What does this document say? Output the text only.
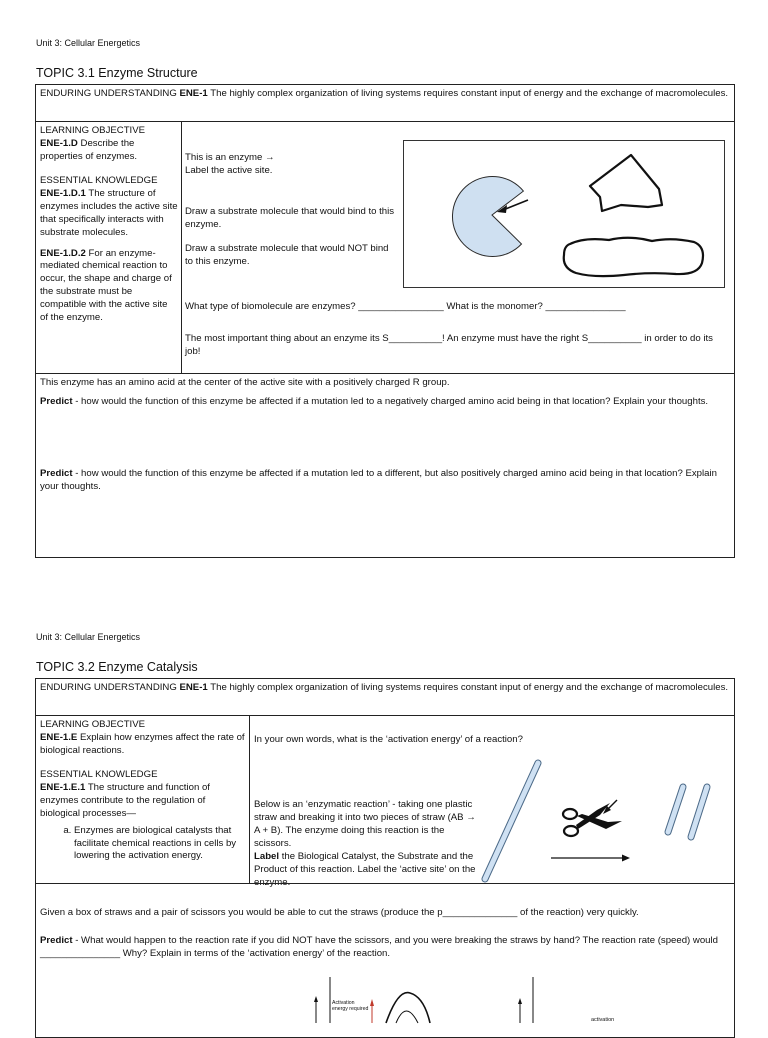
Unit 3: Cellular Energetics
TOPIC 3.1 Enzyme Structure
ENDURING UNDERSTANDING ENE-1 The highly complex organization of living systems requires constant input of energy and the exchange of macromolecules.
LEARNING OBJECTIVE

ENE-1.D Describe the properties of enzymes.

ESSENTIAL KNOWLEDGE

ENE-1.D.1 The structure of enzymes includes the active site that specifically interacts with substrate molecules.

ENE-1.D.2 For an enzyme-mediated chemical reaction to occur, the shape and charge of the substrate must be compatible with the active site of the enzyme.

This is an enzyme →
Label the active site.
Draw a substrate molecule that would bind to this enzyme.
Draw a substrate molecule that would NOT bind to this enzyme.
What type of biomolecule are enzymes? ________________ What is the monomer? _______________
The most important thing about an enzyme its S__________! An enzyme must have the right S__________ in order to do its job!
This enzyme has an amino acid at the center of the active site with a positively charged R group.
Predict - how would the function of this enzyme be affected if a mutation led to a negatively charged amino acid being in that location? Explain your thoughts.
Predict - how would the function of this enzyme be affected if a mutation led to a different, but also positively charged amino acid being in that location? Explain your thoughts.
Unit 3: Cellular Energetics
TOPIC 3.2 Enzyme Catalysis
ENDURING UNDERSTANDING ENE-1 The highly complex organization of living systems requires constant input of energy and the exchange of macromolecules.
LEARNING OBJECTIVE

ENE-1.E Explain how enzymes affect the rate of biological reactions.

ESSENTIAL KNOWLEDGE

ENE-1.E.1 The structure and function of enzymes contribute to the regulation of biological processes—

a. Enzymes are biological catalysts that facilitate chemical reactions in cells by lowering the activation energy.
In your own words, what is the ‘activation energy’ of a reaction?
Below is an ‘enzymatic reaction’ - taking one plastic straw and breaking it into two pieces of straw (AB → A + B). The enzyme doing this reaction is the scissors.
Label the Biological Catalyst, the Substrate and the Product of this reaction. Label the ‘active site’ on the enzyme.
Given a box of straws and a pair of scissors you would be able to cut the straws (produce the p______________ of the reaction) very quickly.
Predict - What would happen to the reaction rate if you did NOT have the scissors, and you were breaking the straws by hand? The reaction rate (speed) would _______________ Why? Explain in terms of the ‘activation energy’ of the reaction.
Activation energy required
activation
